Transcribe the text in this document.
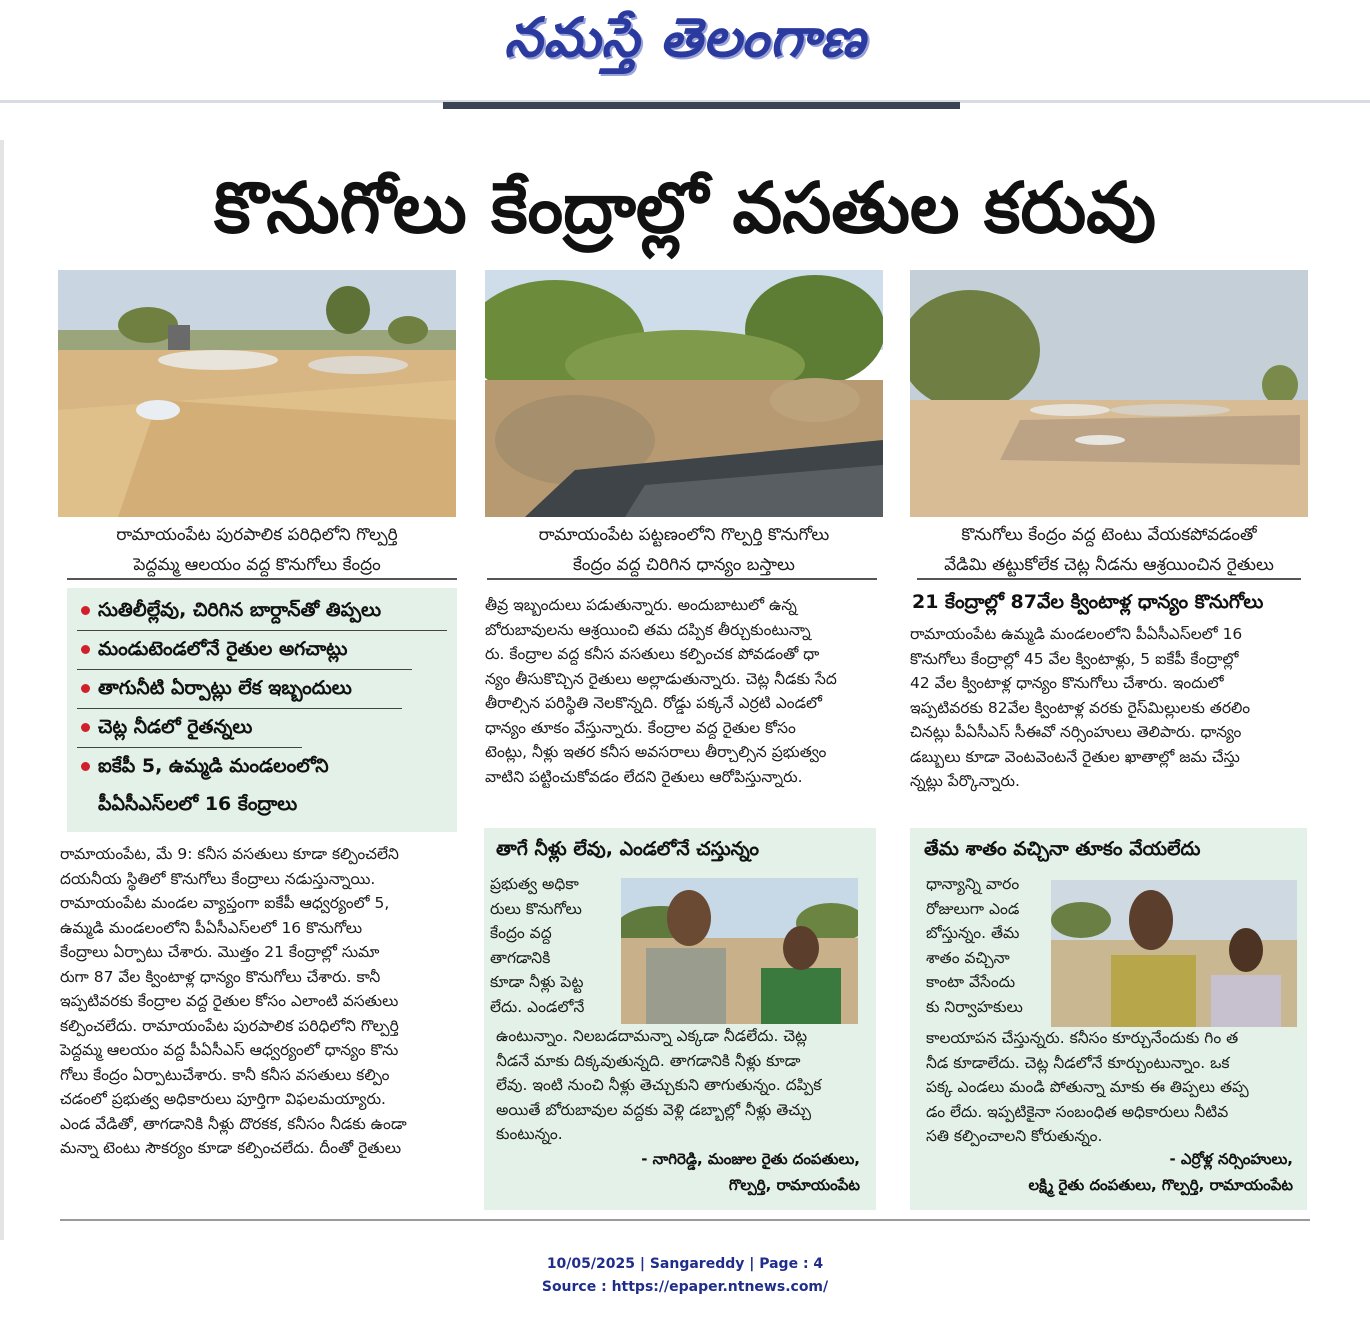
నమస్తే తెలంగాణ
కొనుగోలు కేంద్రాల్లో వసతుల కరువు
రామాయంపేట పురపాలిక పరిధిలోని గొల్పర్తి
పెద్దమ్మ ఆలయం వద్ద కొనుగోలు కేంద్రం
రామాయంపేట పట్టణంలోని గొల్పర్తి కొనుగోలు
కేంద్రం వద్ద చిరిగిన ధాన్యం బస్తాలు
కొనుగోలు కేంద్రం వద్ద టెంటు వేయకపోవడంతో
వేడిమి తట్టుకోలేక చెట్ల నీడను ఆశ్రయించిన రైతులు
సుతిలీల్లేవు, చిరిగిన బార్దాన్‌తో తిప్పలు
మండుటెండలోనే రైతుల అగచాట్లు
తాగునీటి ఏర్పాట్లు లేక ఇబ్బందులు
చెట్ల నీడలో రైతన్నలు
ఐకేపీ 5, ఉమ్మడి మండలంలోని
పీఏసీఎస్‌లలో 16 కేంద్రాలు
రామాయంపేట, మే 9: కనీస వసతులు కూడా కల్పించలేని
దయనీయ స్థితిలో కొనుగోలు కేంద్రాలు నడుస్తున్నాయి.
రామాయంపేట మండల వ్యాప్తంగా ఐకేపీ ఆధ్వర్యంలో 5,
ఉమ్మడి మండలంలోని పీఏసీఎస్‌లలో 16 కొనుగోలు
కేంద్రాలు ఏర్పాటు చేశారు. మొత్తం 21 కేంద్రాల్లో సుమా
రుగా 87 వేల క్వింటాళ్ల ధాన్యం కొనుగోలు చేశారు. కానీ
ఇప్పటివరకు కేంద్రాల వద్ద రైతుల కోసం ఎలాంటి వసతులు
కల్పించలేదు. రామాయంపేట పురపాలిక పరిధిలోని గొల్పర్తి
పెద్దమ్మ ఆలయం వద్ద పీఏసీఎస్ ఆధ్వర్యంలో ధాన్యం కొను
గోలు కేంద్రం ఏర్పాటుచేశారు. కానీ కనీస వసతులు కల్పిం
చడంలో ప్రభుత్వ అధికారులు పూర్తిగా విఫలమయ్యారు.
ఎండ వేడితో, తాగడానికి నీళ్లు దొరకక, కనీసం నీడకు ఉండా
మన్నా టెంటు సౌకర్యం కూడా కల్పించలేదు. దీంతో రైతులు
తీవ్ర ఇబ్బందులు పడుతున్నారు. అందుబాటులో ఉన్న
బోరుబావులను ఆశ్రయించి తమ దప్పిక తీర్చుకుంటున్నా
రు. కేంద్రాల వద్ద కనీస వసతులు కల్పించక పోవడంతో ధా
న్యం తీసుకొచ్చిన రైతులు అల్లాడుతున్నారు. చెట్ల నీడకు సేద
తీరాల్సిన పరిస్థితి నెలకొన్నది. రోడ్డు పక్కనే ఎర్రటి ఎండలో
ధాన్యం తూకం వేస్తున్నారు. కేంద్రాల వద్ద రైతుల కోసం
టెంట్లు, నీళ్లు ఇతర కనీస అవసరాలు తీర్చాల్సిన ప్రభుత్వం
వాటిని పట్టించుకోవడం లేదని రైతులు ఆరోపిస్తున్నారు.
21 కేంద్రాల్లో 87వేల క్వింటాళ్ల ధాన్యం కొనుగోలు
రామాయంపేట ఉమ్మడి మండలంలోని పీఏసీఎస్‌లలో 16
కొనుగోలు కేంద్రాల్లో 45 వేల క్వింటాళ్లు, 5 ఐకేపీ కేంద్రాల్లో
42 వేల క్వింటాళ్ల ధాన్యం కొనుగోలు చేశారు. ఇందులో
ఇప్పటివరకు 82వేల క్వింటాళ్ల వరకు రైస్‌మిల్లులకు తరలిం
చినట్లు పీఏసీఎస్ సీఈవో నర్సింహులు తెలిపారు. ధాన్యం
డబ్బులు కూడా వెంటవెంటనే రైతుల ఖాతాల్లో జమ చేస్తు
న్నట్లు పేర్కొన్నారు.
తాగే నీళ్లు లేవు, ఎండలోనే చస్తున్నం
ప్రభుత్వ అధికా
రులు కొనుగోలు
కేంద్రం వద్ద
తాగడానికి
కూడా నీళ్లు పెట్ట
లేదు. ఎండలోనే
ఉంటున్నాం. నిలబడదామన్నా ఎక్కడా నీడలేదు. చెట్ల
నీడనే మాకు దిక్కవుతున్నది. తాగడానికి నీళ్లు కూడా
లేవు. ఇంటి నుంచి నీళ్లు తెచ్చుకుని తాగుతున్నం. దప్పిక
అయితే బోరుబావుల వద్దకు వెళ్లి డబ్బాల్లో నీళ్లు తెచ్చు
కుంటున్నం.
- నాగిరెడ్డి, మంజుల రైతు దంపతులు,
గొల్పర్తి, రామాయంపేట
తేమ శాతం వచ్చినా తూకం వేయలేదు
ధాన్యాన్ని వారం
రోజులుగా ఎండ
బోస్తున్నం. తేమ
శాతం వచ్చినా
కాంటా వేసేందు
కు నిర్వాహకులు
కాలయాపన చేస్తున్నరు. కనీసం కూర్చునేందుకు గిం త
నీడ కూడాలేదు. చెట్ల నీడలోనే కూర్చుంటున్నాం. ఒక
పక్క ఎండలు మండి పోతున్నా మాకు ఈ తిప్పలు తప్ప
డం లేదు. ఇప్పటికైనా సంబంధిత అధికారులు నీటివ
సతి కల్పించాలని కోరుతున్నం.
- ఎర్రోళ్ల నర్సింహులు,
లక్ష్మి రైతు దంపతులు, గొల్పర్తి, రామాయంపేట
10/05/2025 | Sangareddy | Page : 4
Source : https://epaper.ntnews.com/
